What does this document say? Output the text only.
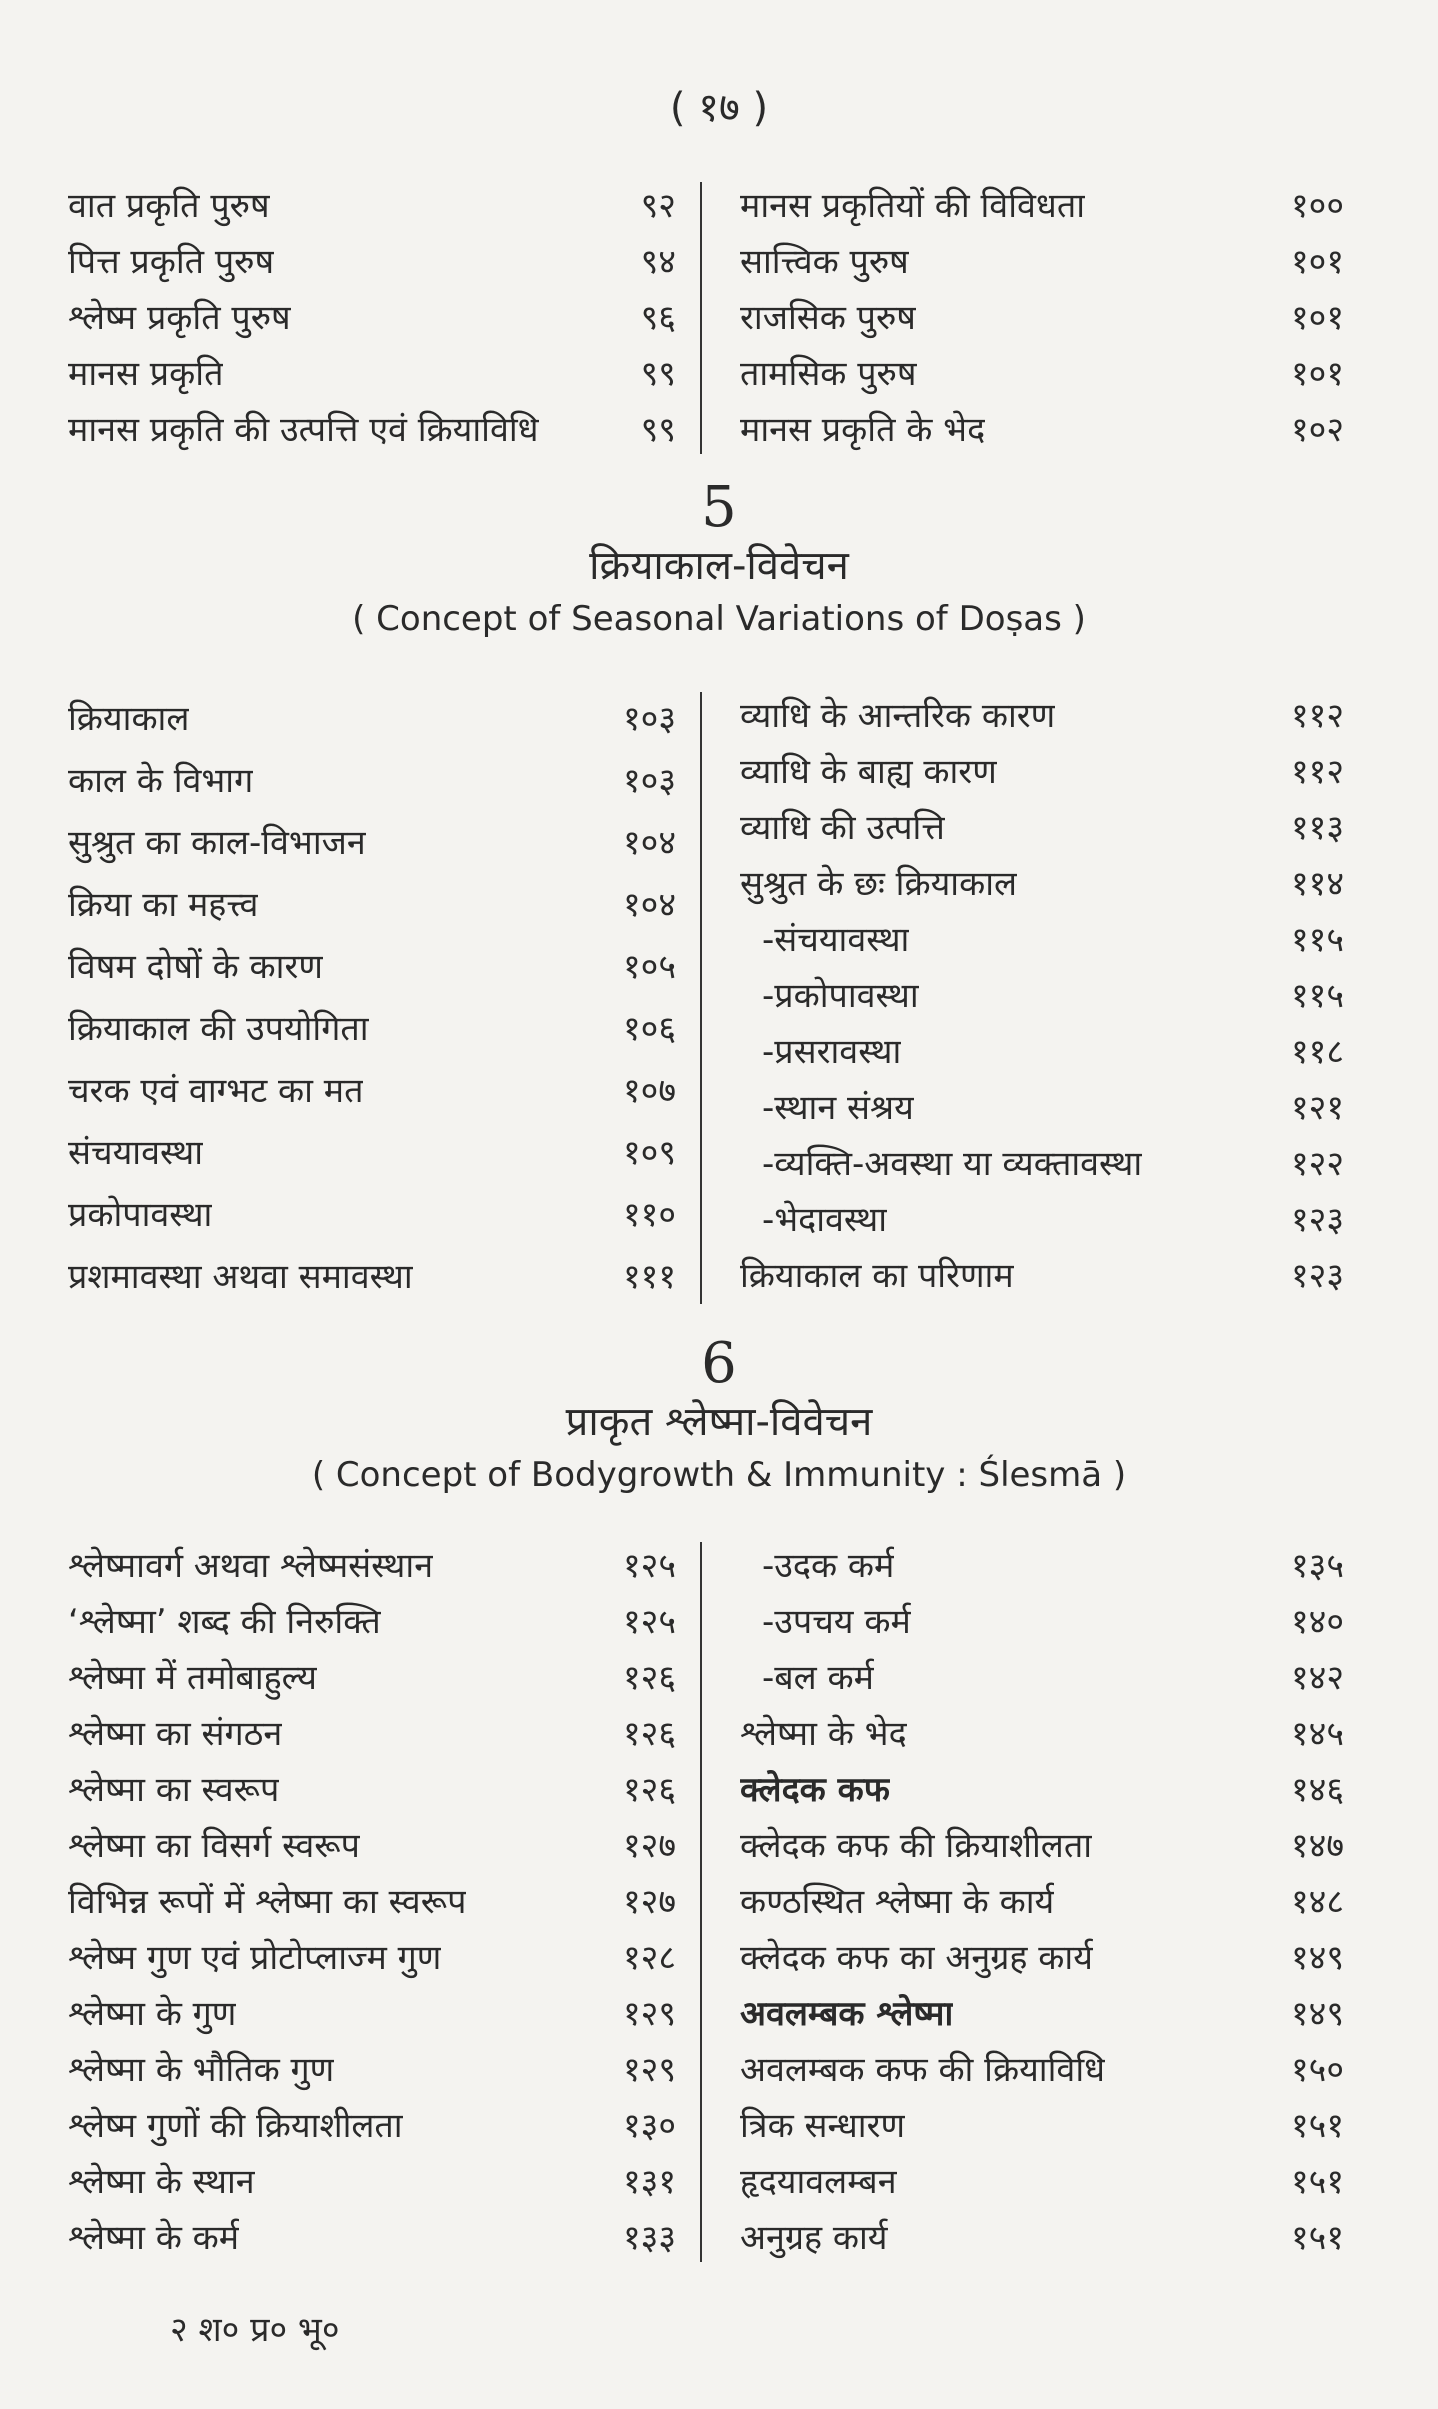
( १७ )
वात प्रकृति पुरुष	९२
पित्त प्रकृति पुरुष	९४
श्लेष्म प्रकृति पुरुष	९६
मानस प्रकृति	९९
मानस प्रकृति की उत्पत्ति एवं क्रियाविधि	९९
मानस प्रकृतियों की विविधता	१००
सात्त्विक पुरुष	१०१
राजसिक पुरुष	१०१
तामसिक पुरुष	१०१
मानस प्रकृति के भेद	१०२
5
क्रियाकाल-विवेचन
( Concept of Seasonal Variations of Doṣas )
क्रियाकाल	१०३
काल के विभाग	१०३
सुश्रुत का काल-विभाजन	१०४
क्रिया का महत्त्व	१०४
विषम दोषों के कारण	१०५
क्रियाकाल की उपयोगिता	१०६
चरक एवं वाग्भट का मत	१०७
संचयावस्था	१०९
प्रकोपावस्था	११०
प्रशमावस्था अथवा समावस्था	१११
व्याधि के आन्तरिक कारण	११२
व्याधि के बाह्य कारण	११२
व्याधि की उत्पत्ति	११३
सुश्रुत के छः क्रियाकाल	११४
-संचयावस्था	११५
-प्रकोपावस्था	११५
-प्रसरावस्था	११८
-स्थान संश्रय	१२१
-व्यक्ति-अवस्था या व्यक्तावस्था	१२२
-भेदावस्था	१२३
क्रियाकाल का परिणाम	१२३
6
प्राकृत श्लेष्मा-विवेचन
( Concept of Bodygrowth & Immunity : Ślesmā )
श्लेष्मावर्ग अथवा श्लेष्मसंस्थान	१२५
‘श्लेष्मा’ शब्द की निरुक्ति	१२५
श्लेष्मा में तमोबाहुल्य	१२६
श्लेष्मा का संगठन	१२६
श्लेष्मा का स्वरूप	१२६
श्लेष्मा का विसर्ग स्वरूप	१२७
विभिन्न रूपों में श्लेष्मा का स्वरूप	१२७
श्लेष्म गुण एवं प्रोटोप्लाज्म गुण	१२८
श्लेष्मा के गुण	१२९
श्लेष्मा के भौतिक गुण	१२९
श्लेष्म गुणों की क्रियाशीलता	१३०
श्लेष्मा के स्थान	१३१
श्लेष्मा के कर्म	१३३
-उदक कर्म	१३५
-उपचय कर्म	१४०
-बल कर्म	१४२
श्लेष्मा के भेद	१४५
क्लेदक कफ	१४६
क्लेदक कफ की क्रियाशीलता	१४७
कण्ठस्थित श्लेष्मा के कार्य	१४८
क्लेदक कफ का अनुग्रह कार्य	१४९
अवलम्बक श्लेष्मा	१४९
अवलम्बक कफ की क्रियाविधि	१५०
त्रिक सन्धारण	१५१
हृदयावलम्बन	१५१
अनुग्रह कार्य	१५१
२ श० प्र० भू०
